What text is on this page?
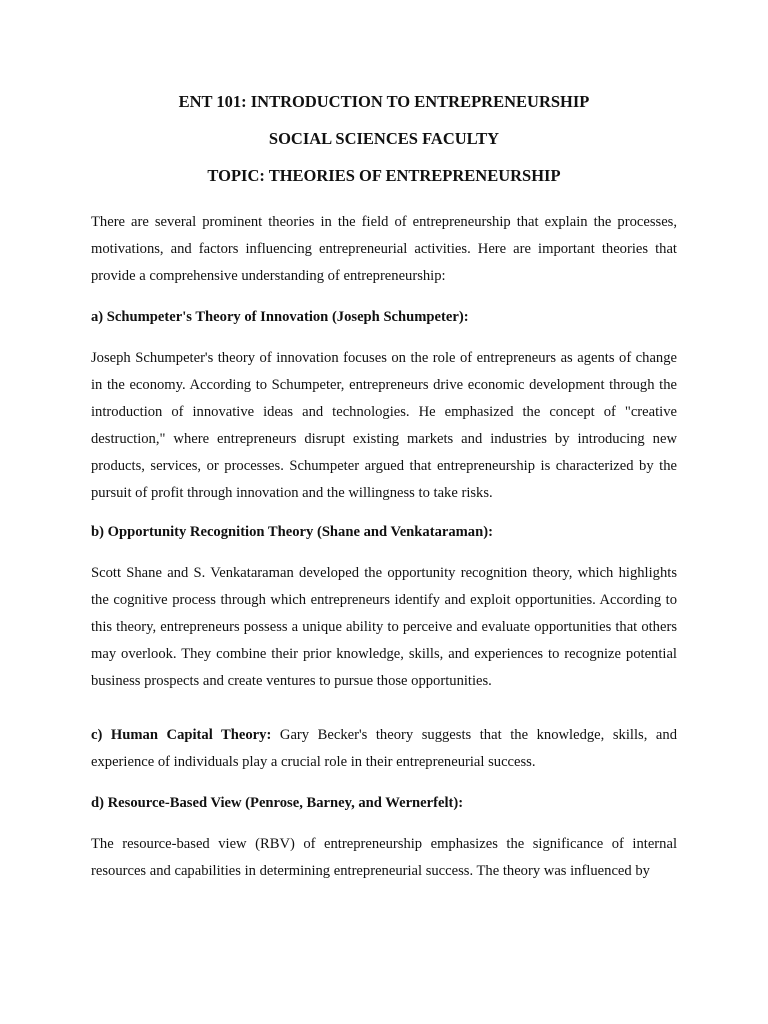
ENT 101: INTRODUCTION TO ENTREPRENEURSHIP
SOCIAL SCIENCES FACULTY
TOPIC: THEORIES OF ENTREPRENEURSHIP

There are several prominent theories in the field of entrepreneurship that explain the processes, motivations, and factors influencing entrepreneurial activities. Here are important theories that provide a comprehensive understanding of entrepreneurship:

a) Schumpeter's Theory of Innovation (Joseph Schumpeter):

Joseph Schumpeter's theory of innovation focuses on the role of entrepreneurs as agents of change in the economy. According to Schumpeter, entrepreneurs drive economic development through the introduction of innovative ideas and technologies. He emphasized the concept of "creative destruction," where entrepreneurs disrupt existing markets and industries by introducing new products, services, or processes. Schumpeter argued that entrepreneurship is characterized by the pursuit of profit through innovation and the willingness to take risks.

b) Opportunity Recognition Theory (Shane and Venkataraman):

Scott Shane and S. Venkataraman developed the opportunity recognition theory, which highlights the cognitive process through which entrepreneurs identify and exploit opportunities. According to this theory, entrepreneurs possess a unique ability to perceive and evaluate opportunities that others may overlook. They combine their prior knowledge, skills, and experiences to recognize potential business prospects and create ventures to pursue those opportunities.

c) Human Capital Theory: Gary Becker's theory suggests that the knowledge, skills, and experience of individuals play a crucial role in their entrepreneurial success.

d) Resource-Based View (Penrose, Barney, and Wernerfelt):

The resource-based view (RBV) of entrepreneurship emphasizes the significance of internal resources and capabilities in determining entrepreneurial success. The theory was influenced by
